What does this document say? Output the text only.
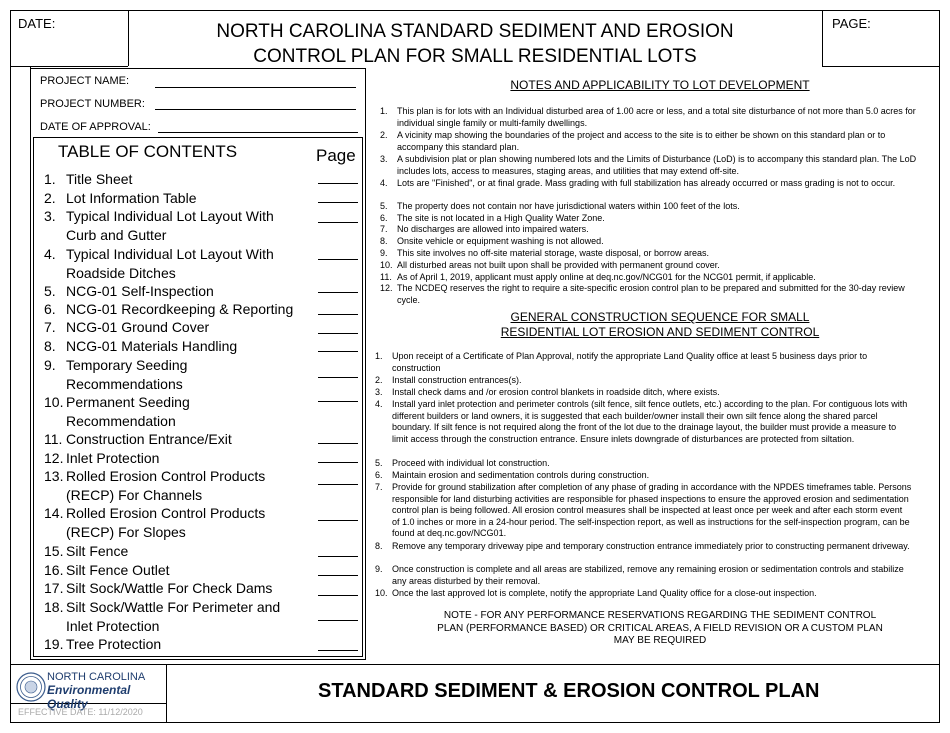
DATE:	PAGE:
NORTH CAROLINA STANDARD SEDIMENT AND EROSION
CONTROL PLAN FOR SMALL RESIDENTIAL LOTS
PROJECT NAME:
PROJECT NUMBER:
DATE OF APPROVAL:
TABLE OF CONTENTS	Page
1. Title Sheet
2. Lot Information Table
3. Typical Individual Lot Layout With
Curb and Gutter
4. Typical Individual Lot Layout With
Roadside Ditches
5. NCG-01 Self-Inspection
6. NCG-01 Recordkeeping & Reporting
7. NCG-01 Ground Cover
8. NCG-01 Materials Handling
9. Temporary Seeding
Recommendations
10. Permanent Seeding
Recommendation
11. Construction Entrance/Exit
12. Inlet Protection
13. Rolled Erosion Control Products
(RECP) For Channels
14. Rolled Erosion Control Products
(RECP) For Slopes
15. Silt Fence
16. Silt Fence Outlet
17. Silt Sock/Wattle For Check Dams
18. Silt Sock/Wattle For Perimeter and
Inlet Protection
19. Tree Protection
NOTES AND APPLICABILITY TO LOT DEVELOPMENT
1. This plan is for lots with an Individual disturbed area of 1.00 acre or less, and a total site disturbance of not more than 5.0 acres for individual single family or multi-family dwellings.
2. A vicinity map showing the boundaries of the project and access to the site is to either be shown on this standard plan or to accompany this standard plan.
3. A subdivision plat or plan showing numbered lots and the Limits of Disturbance (LoD) is to accompany this standard plan. The LoD includes lots, access to measures, staging areas, and utilities that may extend off-site.
4. Lots are "Finished", or at final grade. Mass grading with full stabilization has already occurred or mass grading is not to occur.
5. The property does not contain nor have jurisdictional waters within 100 feet of the lots.
6. The site is not located in a High Quality Water Zone.
7. No discharges are allowed into impaired waters.
8. Onsite vehicle or equipment washing is not allowed.
9. This site involves no off-site material storage, waste disposal, or borrow areas.
10. All disturbed areas not built upon shall be provided with permanent ground cover.
11. As of April 1, 2019, applicant must apply online at deq.nc.gov/NCG01 for the NCG01 permit, if applicable.
12. The NCDEQ reserves the right to require a site-specific erosion control plan to be prepared and submitted for the 30-day review cycle.
GENERAL CONSTRUCTION SEQUENCE FOR SMALL
RESIDENTIAL LOT EROSION AND SEDIMENT CONTROL
1. Upon receipt of a Certificate of Plan Approval, notify the appropriate Land Quality office at least 5 business days prior to construction
2. Install construction entrances(s).
3. Install check dams and /or erosion control blankets in roadside ditch, where exists.
4. Install yard inlet protection and perimeter controls (silt fence, silt fence outlets, etc.) according to the plan. For contiguous lots with different builders or land owners, it is suggested that each builder/owner install their own silt fence along the shared parcel boundary. If silt fence is not required along the front of the lot due to the drainage layout, the builder must provide a measure to limit access through the construction entrance. Ensure inlets downgrade of disturbances are protected from siltation.
5. Proceed with individual lot construction.
6. Maintain erosion and sedimentation controls during construction.
7. Provide for ground stabilization after completion of any phase of grading in accordance with the NPDES timeframes table. Persons responsible for land disturbing activities are responsible for phased inspections to ensure the approved erosion and sedimentation control plan is being followed. All erosion control measures shall be inspected at least once per week and after each storm event of 1.0 inches or more in a 24-hour period. The self-inspection report, as well as instructions for the self-inspection program, can be found at deq.nc.gov/NCG01.
8. Remove any temporary driveway pipe and temporary construction entrance immediately prior to constructing permanent driveway.
9. Once construction is complete and all areas are stabilized, remove any remaining erosion or sedimentation controls and stabilize any areas disturbed by their removal.
10. Once the last approved lot is complete, notify the appropriate Land Quality office for a close-out inspection.
NOTE - FOR ANY PERFORMANCE RESERVATIONS REGARDING THE SEDIMENT CONTROL
PLAN (PERFORMANCE BASED) OR CRITICAL AREAS, A FIELD REVISION OR A CUSTOM PLAN
MAY BE REQUIRED
NORTH CAROLINA
Environmental Quality
STANDARD SEDIMENT & EROSION CONTROL PLAN
EFFECTIVE DATE: 11/12/2020
